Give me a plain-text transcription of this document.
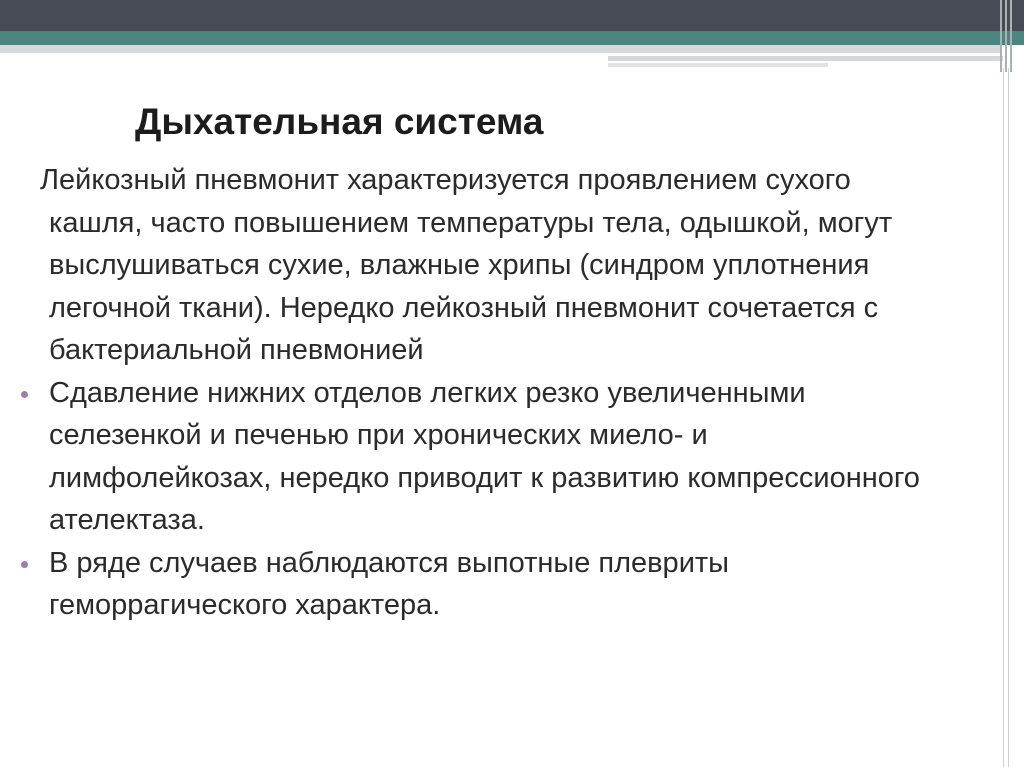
Дыхательная система

Лейкозный пневмонит характеризуется проявлением сухого кашля, часто повышением температуры тела, одышкой, могут выслушиваться сухие, влажные хрипы (синдром уплотнения легочной ткани). Нередко лейкозный пневмонит сочетается с бактериальной пневмонией

Сдавление нижних отделов легких резко увеличенными селезенкой и печенью при хронических миело- и лимфолейкозах, нередко приводит к развитию компрессионного ателектаза.
В ряде случаев наблюдаются выпотные плевриты геморрагического характера.
